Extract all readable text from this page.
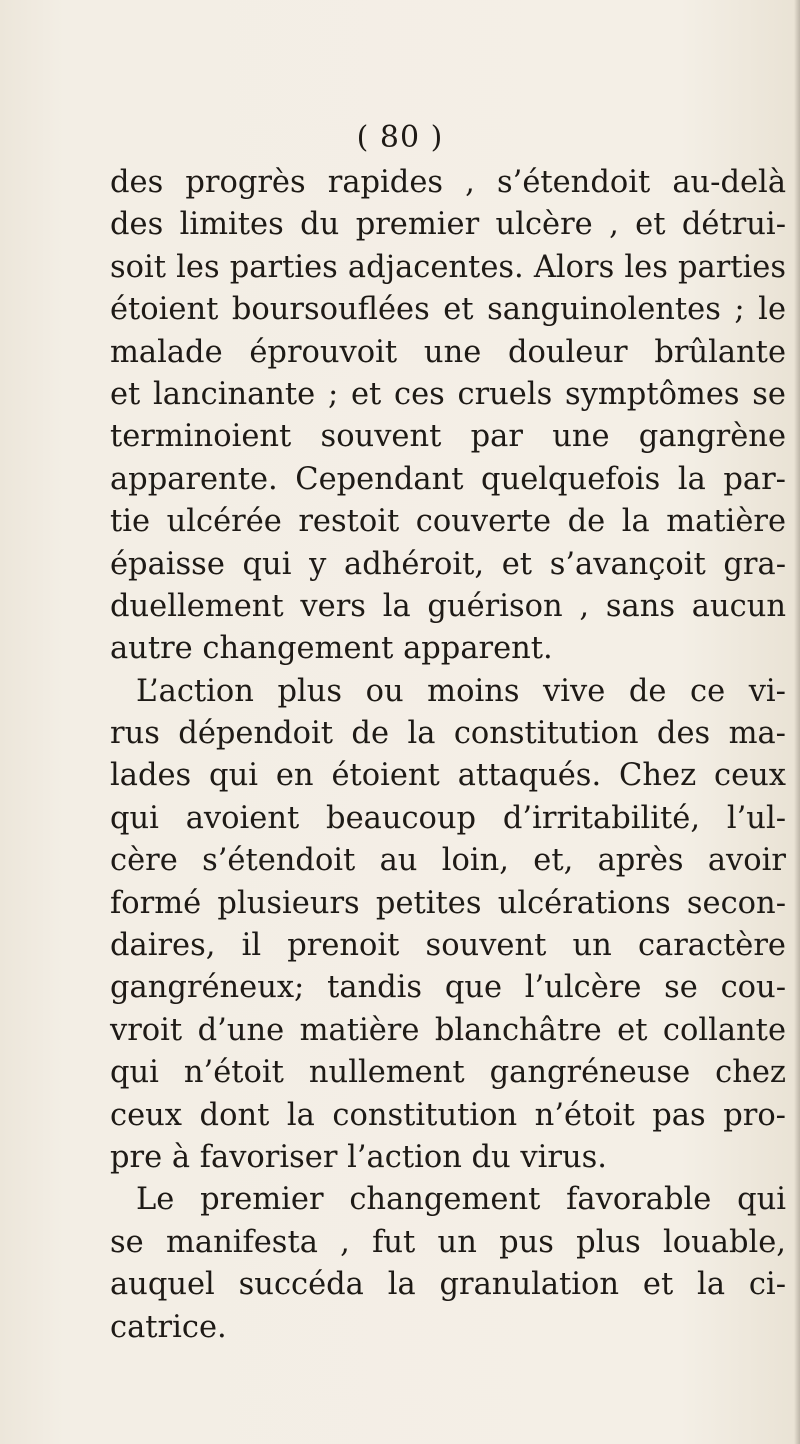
( 80 )
des progrès rapides , s’étendoit au-delà
des limites du premier ulcère , et détrui-
soit les parties adjacentes. Alors les parties
étoient boursouflées et sanguinolentes ; le
malade éprouvoit une douleur brûlante
et lancinante ; et ces cruels symptômes se
terminoient souvent par une gangrène
apparente. Cependant quelquefois la par-
tie ulcérée restoit couverte de la matière
épaisse qui y adhéroit, et s’avançoit gra-
duellement vers la guérison , sans aucun
autre changement apparent.
L’action plus ou moins vive de ce vi-
rus dépendoit de la constitution des ma-
lades qui en étoient attaqués. Chez ceux
qui avoient beaucoup d’irritabilité, l’ul-
cère s’étendoit au loin, et, après avoir
formé plusieurs petites ulcérations secon-
daires, il prenoit souvent un caractère
gangréneux; tandis que l’ulcère se cou-
vroit d’une matière blanchâtre et collante
qui n’étoit nullement gangréneuse chez
ceux dont la constitution n’étoit pas pro-
pre à favoriser l’action du virus.
Le premier changement favorable qui
se manifesta , fut un pus plus louable,
auquel succéda la granulation et la ci-
catrice.
